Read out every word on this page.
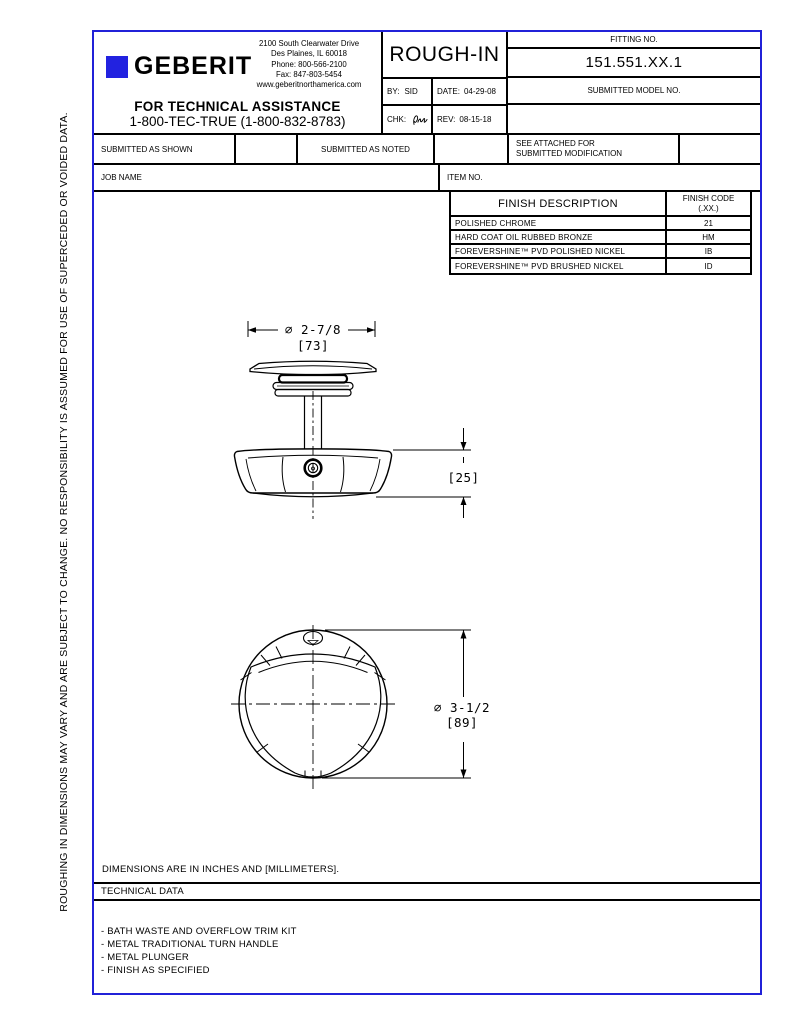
ROUGHING IN DIMENSIONS MAY VARY AND ARE SUBJECT TO CHANGE. NO RESPONSIBILITY IS ASSUMED FOR USE OF SUPERCEDED OR VOIDED DATA.
GEBERIT
2100 South Clearwater Drive
Des Plaines, IL 60018
Phone: 800-566-2100
Fax: 847-803-5454
www.geberitnorthamerica.com
FOR TECHNICAL ASSISTANCE
1-800-TEC-TRUE (1-800-832-8783)
ROUGH-IN
BY: SID DATE: 04-29-08
CHK:	REV: 08-15-18
FITTING NO.
151.551.XX.1
SUBMITTED MODEL NO.
SUBMITTED AS SHOWN	SUBMITTED AS NOTED
SEE ATTACHED FOR
SUBMITTED MODIFICATION
JOB NAME	ITEM NO.
∅ 2-7/8
[73]
[25]
∅ 3-1/2
[89]
FINISH DESCRIPTION	FINISH CODE
(.XX.)
POLISHED CHROME	21
HARD COAT OIL RUBBED BRONZE	HM
FOREVERSHINE™ PVD POLISHED NICKEL	IB
FOREVERSHINE™ PVD BRUSHED NICKEL	ID
DIMENSIONS ARE IN INCHES AND [MILLIMETERS].
TECHNICAL DATA
- BATH WASTE AND OVERFLOW TRIM KIT
- METAL TRADITIONAL TURN HANDLE
- METAL PLUNGER
- FINISH AS SPECIFIED
